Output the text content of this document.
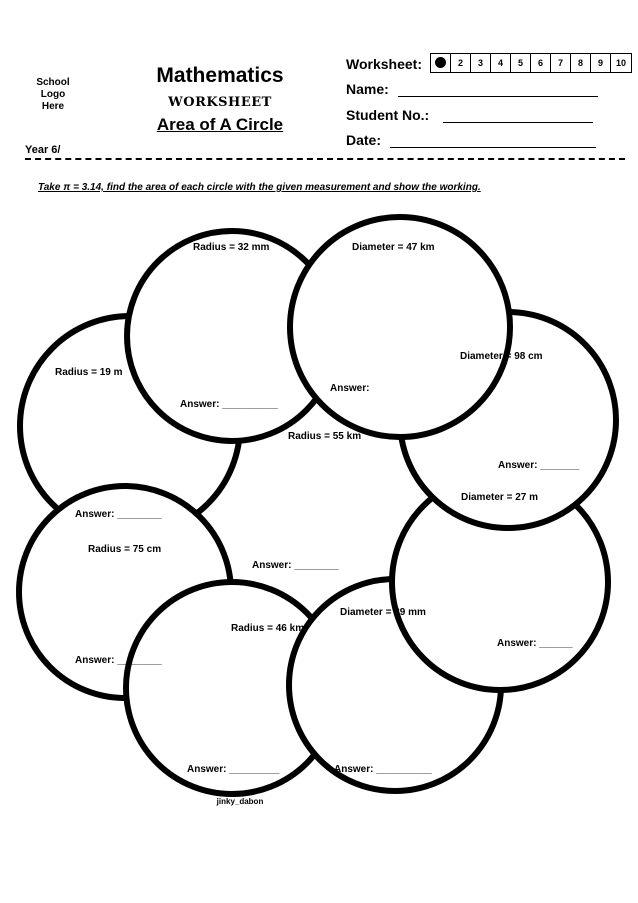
School
Logo
Here
Mathematics
WORKSHEET
Area of A Circle
Year 6/
Worksheet:	2	3	4	5	6	7	8	9	10
Name:
Student No.:
Date:
Take π = 3.14, find the area of each circle with the given measurement and show the working.
Radius = 19 m
Answer: ________
Radius = 75 cm
Answer: ________
Radius = 46 km
Answer: _________
Diameter = 39 mm
Answer: __________
Diameter = 27 m
Answer: ______
Diameter = 98 cm
Answer: _______
Radius = 32 mm
Answer: __________
Diameter = 47 km
Answer:
Radius = 55 km
Answer: ________
jinky_dabon
